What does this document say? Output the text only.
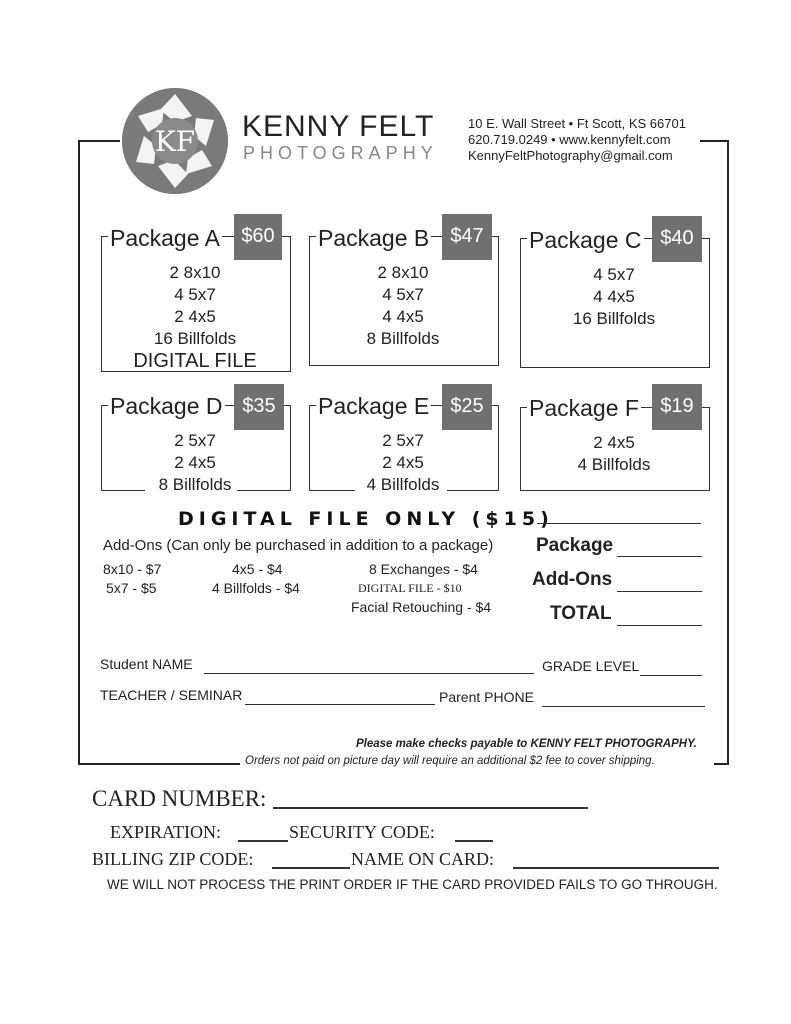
KF KENNY FELT
PHOTOGRAPHY
10 E. Wall Street • Ft Scott, KS 66701
620.719.0249 • www.kennyfelt.com
KennyFeltPhotography@gmail.com
Package A	$60
2 8x10
4 5x7
2 4x5
16 Billfolds
DIGITAL FILE
Package B	$47
2 8x10
4 5x7
4 4x5
8 Billfolds
Package C $40
4 5x7
4 4x5
16 Billfolds
Package D $35
2 5x7
2 4x5
8 Billfolds
Package E	$25
2 5x7
2 4x5
4 Billfolds
Package F	$19
2 4x5
4 Billfolds
DIGITAL FILE ONLY ($15)
Add-Ons (Can only be purchased in addition to a package)
8x10 - $7
5x7 - $5
4x5 - $4
4 Billfolds - $4
8 Exchanges - $4
DIGITAL FILE - $10
Facial Retouching - $4
Package
Add-Ons
TOTAL
Student NAME	GRADE LEVEL
TEACHER / SEMINAR	Parent PHONE
Please make checks payable to KENNY FELT PHOTOGRAPHY.
Orders not paid on picture day will require an additional $2 fee to cover shipping.
CARD NUMBER:
EXPIRATION:	SECURITY CODE:
BILLING ZIP CODE:	NAME ON CARD:
WE WILL NOT PROCESS THE PRINT ORDER IF THE CARD PROVIDED FAILS TO GO THROUGH.
